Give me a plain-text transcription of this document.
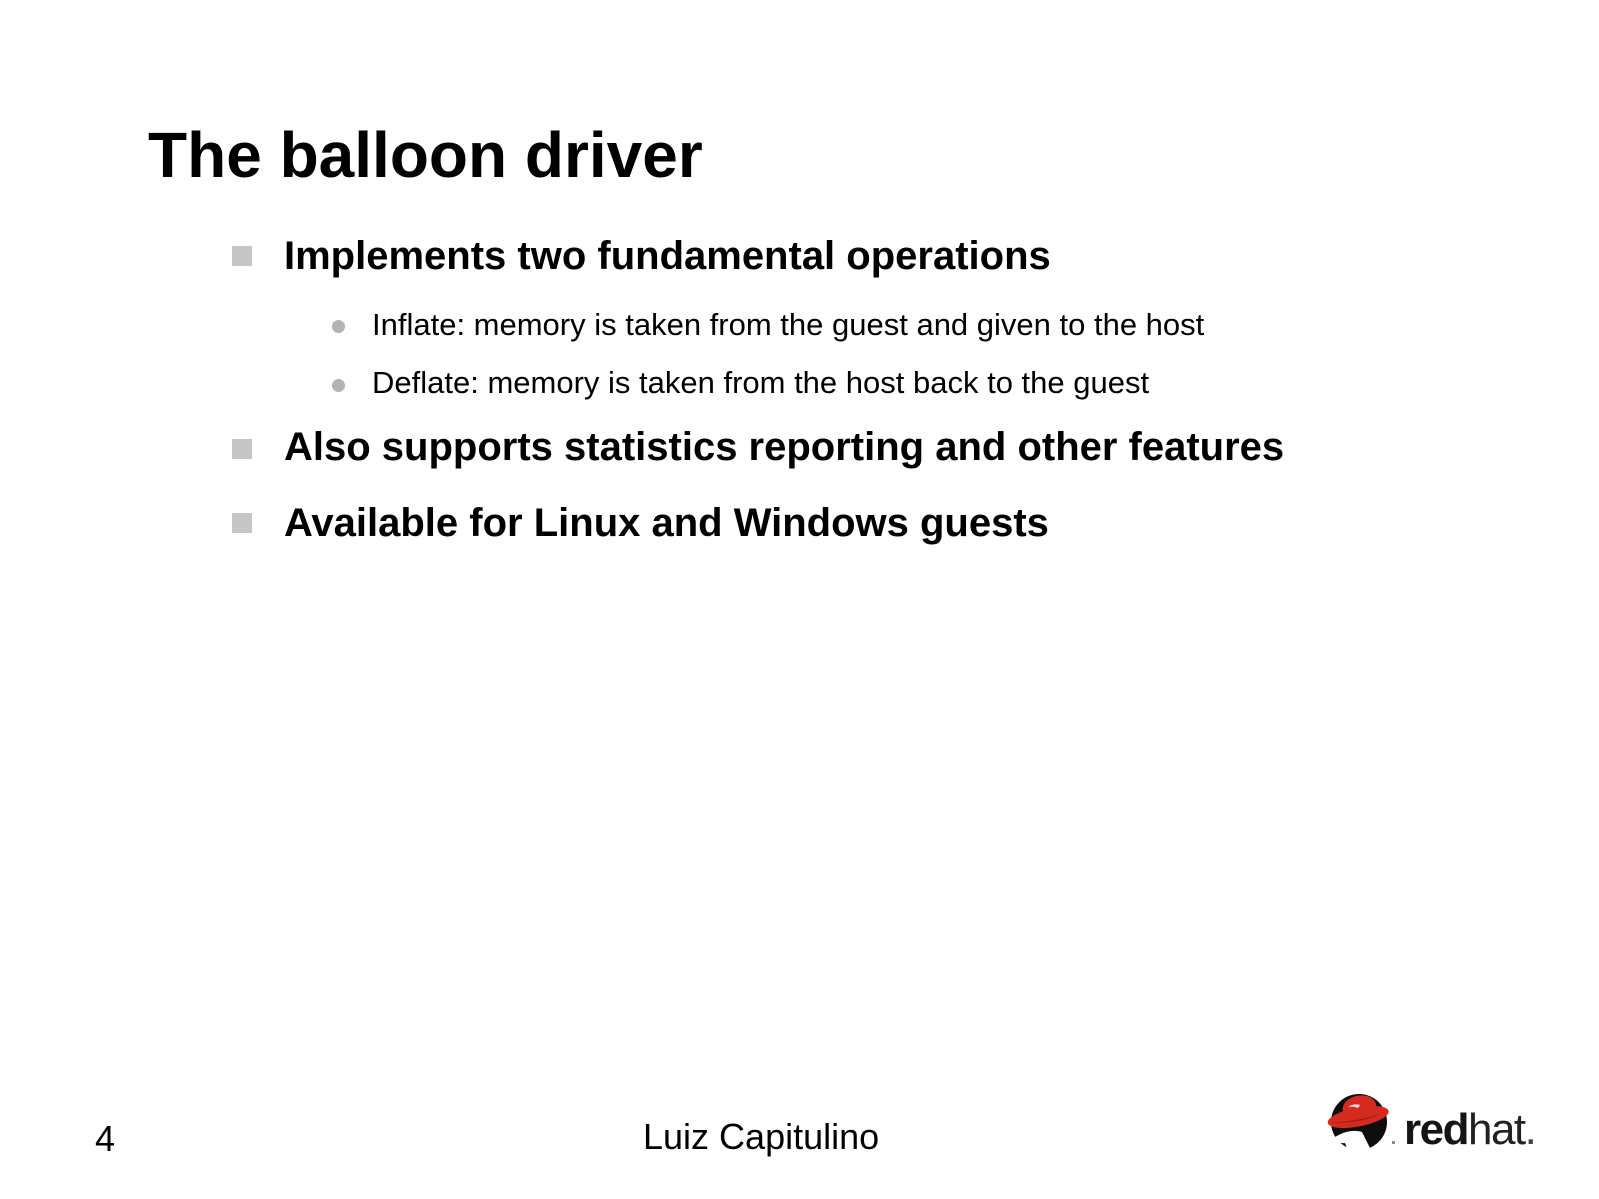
The balloon driver
Implements two fundamental operations
Inflate: memory is taken from the guest and given to the host
Deflate: memory is taken from the host back to the guest
Also supports statistics reporting and other features
Available for Linux and Windows guests
4	Luiz Capitulino	redhat.
